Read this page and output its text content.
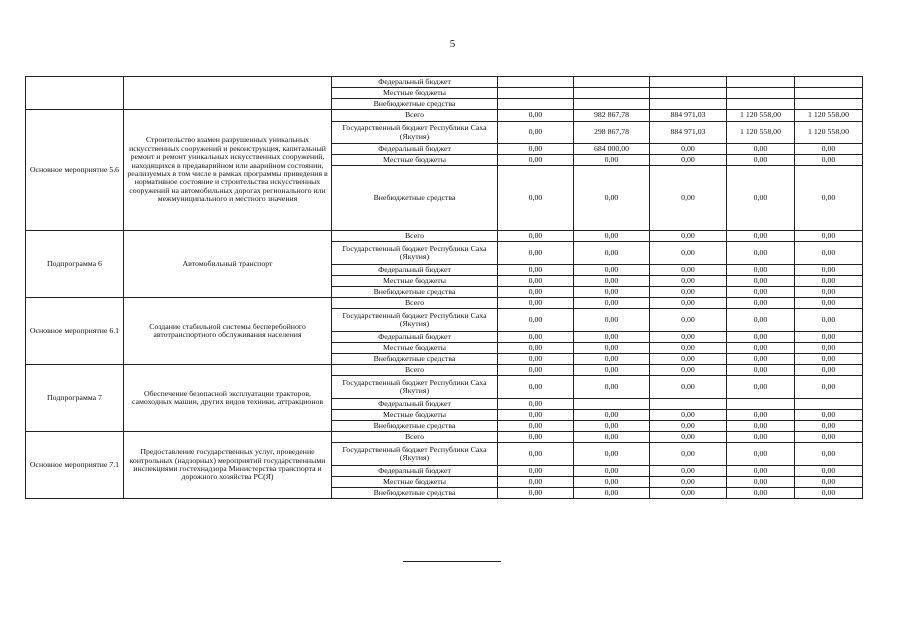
5
		Федеральный бюджет					
		Местные бюджеты					
		Внебюджетные средства					
Основное мероприятие 5.6	Строительство взамен разрушенных уникальных искусственных сооружений и реконструкция, капитальный ремонт и ремонт уникальных искусственных сооружений, находящихся в предаварийном или аварийном состоянии, реализуемых в том числе в рамках программы приведения в нормативное состояние и строительства искусственных сооружений на автомобильных дорогах регионального или межмуниципального и местного значения	Всего	0,00	982 867,78	884 971,03	1 120 558,00	1 120 558,00
		Государственный бюджет Республики Саха (Якутия)	0,00	298 867,78	884 971,03	1 120 558,00	1 120 558,00
		Федеральный бюджет	0,00	684 000,00	0,00	0,00	0,00
		Местные бюджеты	0,00	0,00	0,00	0,00	0,00
		Внебюджетные средства	0,00	0,00	0,00	0,00	0,00
Подпрограмма 6	Автомобильный транспорт	Всего	0,00	0,00	0,00	0,00	0,00
		Государственный бюджет Республики Саха (Якутия)	0,00	0,00	0,00	0,00	0,00
		Федеральный бюджет	0,00	0,00	0,00	0,00	0,00
		Местные бюджеты	0,00	0,00	0,00	0,00	0,00
		Внебюджетные средства	0,00	0,00	0,00	0,00	0,00
Основное мероприятие 6.1	Создание стабильной системы бесперебойного автотранспортного обслуживания населения	Всего	0,00	0,00	0,00	0,00	0,00
		Государственный бюджет Республики Саха (Якутия)	0,00	0,00	0,00	0,00	0,00
		Федеральный бюджет	0,00	0,00	0,00	0,00	0,00
		Местные бюджеты	0,00	0,00	0,00	0,00	0,00
		Внебюджетные средства	0,00	0,00	0,00	0,00	0,00
Подпрограмма 7	Обеспечение безопасной эксплуатации тракторов, самоходных машин, других видов техники, аттракционов	Всего	0,00	0,00	0,00	0,00	0,00
		Государственный бюджет Республики Саха (Якутия)	0,00	0,00	0,00	0,00	0,00
		Федеральный бюджет	0,00				
		Местные бюджеты	0,00	0,00	0,00	0,00	0,00
		Внебюджетные средства	0,00	0,00	0,00	0,00	0,00
Основное мероприятие 7.1	Предоставление государственных услуг, проведение контрольных (надзорных) мероприятий государственными инспекциями гостехнадзора Министерства транспорта и дорожного хозяйства РС(Я)	Всего	0,00	0,00	0,00	0,00	0,00
		Государственный бюджет Республики Саха (Якутия)	0,00	0,00	0,00	0,00	0,00
		Федеральный бюджет	0,00	0,00	0,00	0,00	0,00
		Местные бюджеты	0,00	0,00	0,00	0,00	0,00
		Внебюджетные средства	0,00	0,00	0,00	0,00	0,00
